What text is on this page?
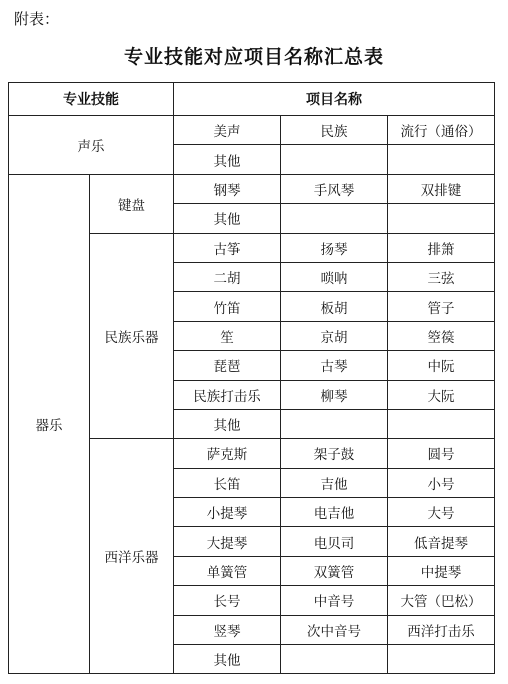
附表：
专业技能对应项目名称汇总表
专业技能		项目名称		
声乐		美声	民族	流行（通俗）
		其他		
器乐	键盘	钢琴	手风琴	双排键
		其他		
	民族乐器	古筝	扬琴	排箫
		二胡	唢呐	三弦
		竹笛	板胡	管子
		笙	京胡	箜篌
		琵琶	古琴	中阮
		民族打击乐	柳琴	大阮
		其他		
	西洋乐器	萨克斯	架子鼓	圆号
		长笛	吉他	小号
		小提琴	电吉他	大号
		大提琴	电贝司	低音提琴
		单簧管	双簧管	中提琴
		长号	中音号	大管（巴松）
		竖琴	次中音号	西洋打击乐
		其他		
